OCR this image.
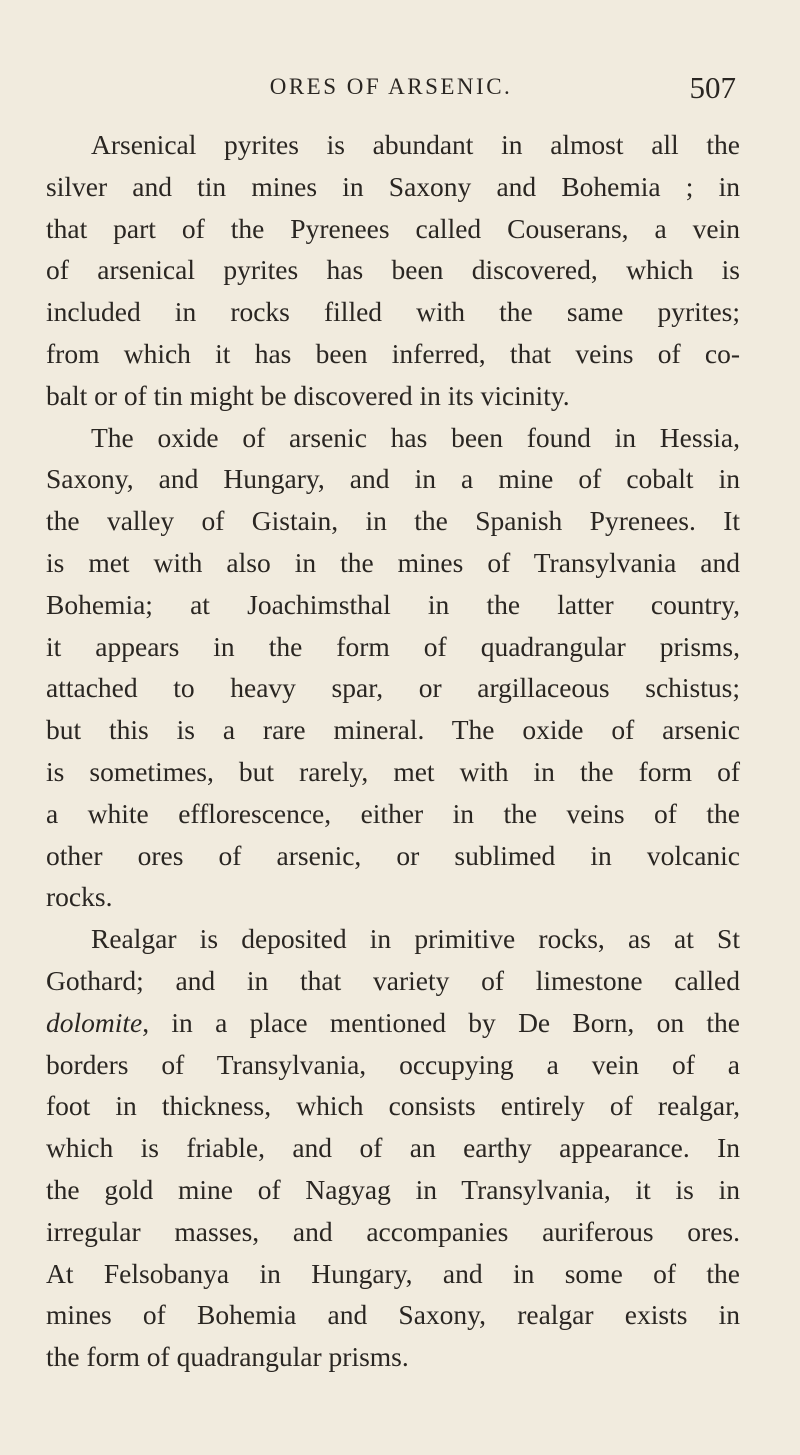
ORES OF ARSENIC.	507
Arsenical pyrites is abundant in almost all the
silver and tin mines in Saxony and Bohemia ; in
that part of the Pyrenees called Couserans, a vein
of arsenical pyrites has been discovered, which is
included in rocks filled with the same pyrites;
from which it has been inferred, that veins of co-
balt or of tin might be discovered in its vicinity.
The oxide of arsenic has been found in Hessia,
Saxony, and Hungary, and in a mine of cobalt in
the valley of Gistain, in the Spanish Pyrenees. It
is met with also in the mines of Transylvania and
Bohemia; at Joachimsthal in the latter country,
it appears in the form of quadrangular prisms,
attached to heavy spar, or argillaceous schistus;
but this is a rare mineral. The oxide of arsenic
is sometimes, but rarely, met with in the form of
a white efflorescence, either in the veins of the
other ores of arsenic, or sublimed in volcanic
rocks.
Realgar is deposited in primitive rocks, as at St
Gothard; and in that variety of limestone called
dolomite, in a place mentioned by De Born, on the
borders of Transylvania, occupying a vein of a
foot in thickness, which consists entirely of realgar,
which is friable, and of an earthy appearance. In
the gold mine of Nagyag in Transylvania, it is in
irregular masses, and accompanies auriferous ores.
At Felsobanya in Hungary, and in some of the
mines of Bohemia and Saxony, realgar exists in
the form of quadrangular prisms.
